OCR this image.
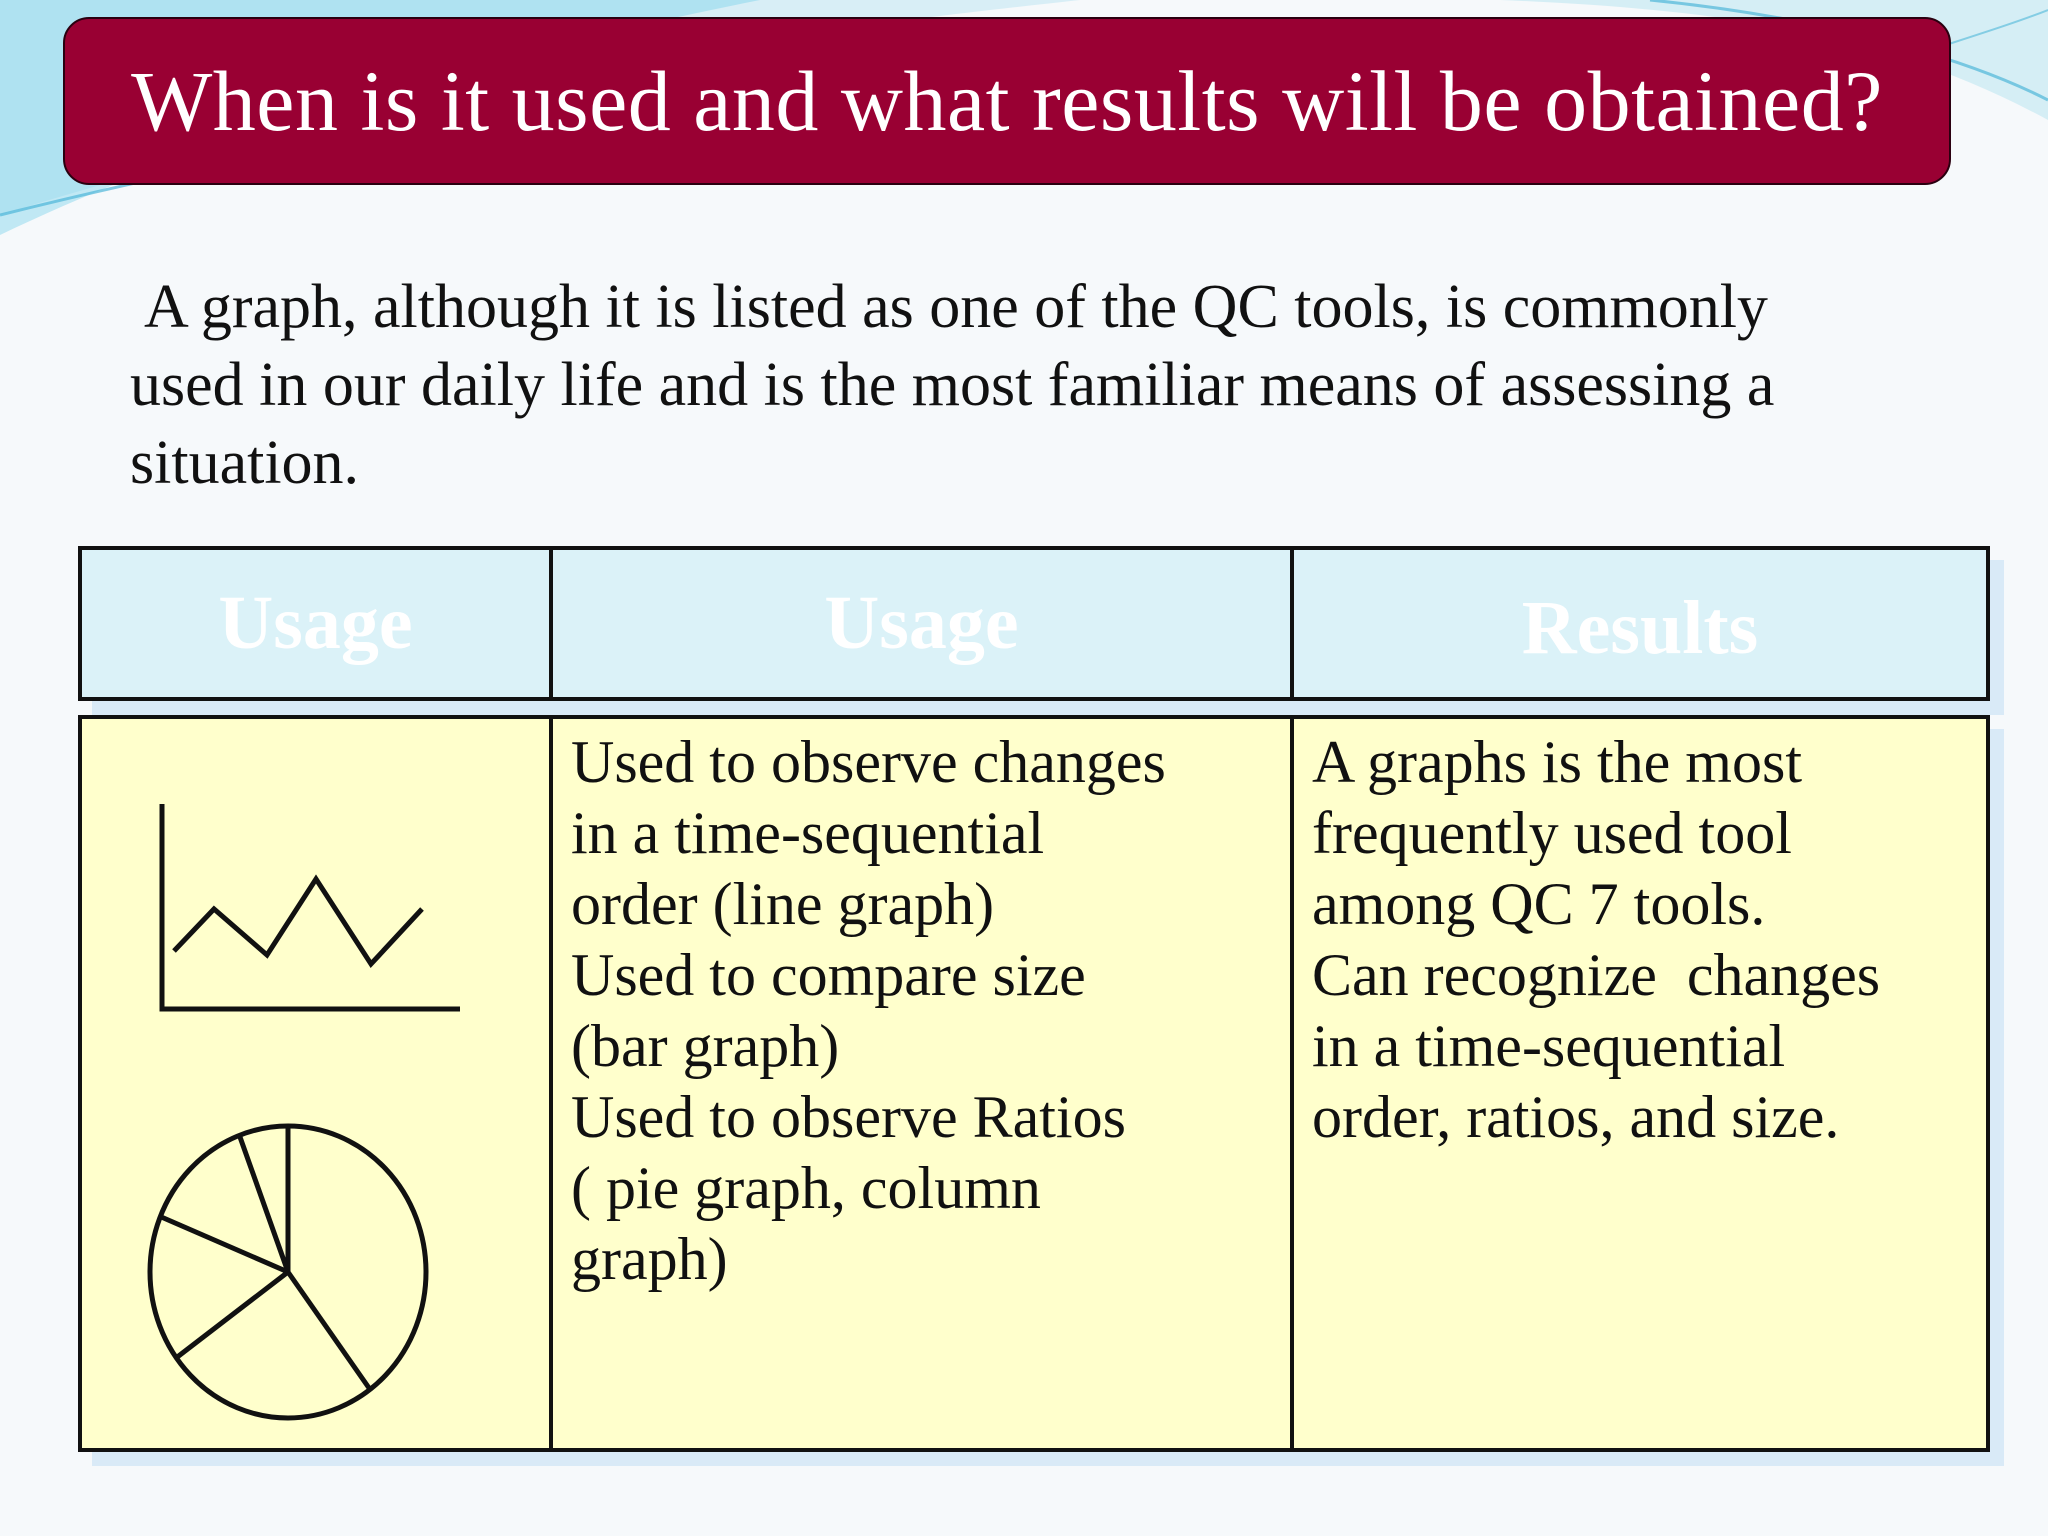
When is it used and what results will be obtained?
A graph, although it is listed as one of the QC tools, is commonly
used in our daily life and is the most familiar means of assessing a
situation.
Usage	Usage	Results
Used to observe changes
in a time-sequential
order (line graph)
Used to compare size
(bar graph)
Used to observe Ratios
( pie graph, column
graph)
A graphs is the most
frequently used tool
among QC 7 tools.
Can recognize  changes
in a time-sequential
order, ratios, and size.
